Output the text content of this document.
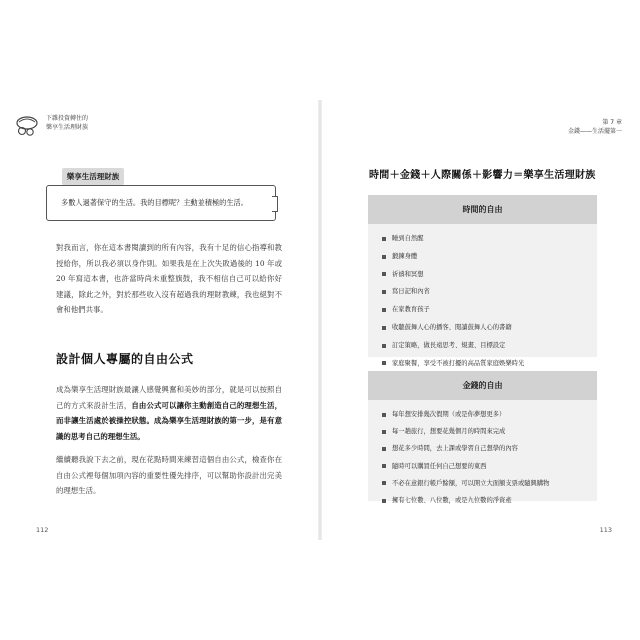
下雜投資轉住的
樂享生活理財族
第 7 章
金錢——生活擺第一
樂享生活理財族
多數人過著保守的生活。我的目標呢？主動並積極的生活。

對我而言，你在這本書閱讀到的所有內容，我有十足的信心指導和教授給你，所以我必須以身作則。如果我是在上次失敗過後的 10 年或 20 年寫這本書，也許當時尚未重整旗鼓，我不相信自己可以給你好建議，除此之外，對於那些收入沒有超過我的理財教練，我也絕對不會和他們共事。

設計個人專屬的自由公式

成為樂享生活理財族最讓人感覺興奮和美妙的部分，就是可以按照自己的方式來設計生活，自由公式可以讓你主動創造自己的理想生活，而非讓生活處於被操控狀態。成為樂享生活理財族的第一步，是有意識的思考自己的理想生活。

繼續聽我說下去之前，現在花點時間來練習這個自由公式，檢查你在自由公式裡每個加項內容的重要性優先排序，可以幫助你設計出完美的理想生活。

112
時間＋金錢＋人際關係＋影響力＝樂享生活理財族
時間的自由
睡到自然醒
鍛鍊身體
祈禱和冥想
寫日記和內省
在家教育孩子
收聽鼓舞人心的播客、閱讀鼓舞人心的書籍
訂定策略，做長遠思考、規畫、目標設定
家庭聚餐，享受不被打擾的高品質家庭娛樂時光
金錢的自由
每年想安排幾次假期（或是你夢想更多）
每一趟旅行，想要花幾個月的時間來完成
想花多少時間，去上課或學習自己想學的內容
隨時可以購買任何自己想要的東西
不必在意銀行帳戶餘額，可以開立大面額支票或隨興購物
擁有七位數、八位數，或是九位數的淨資產
113
